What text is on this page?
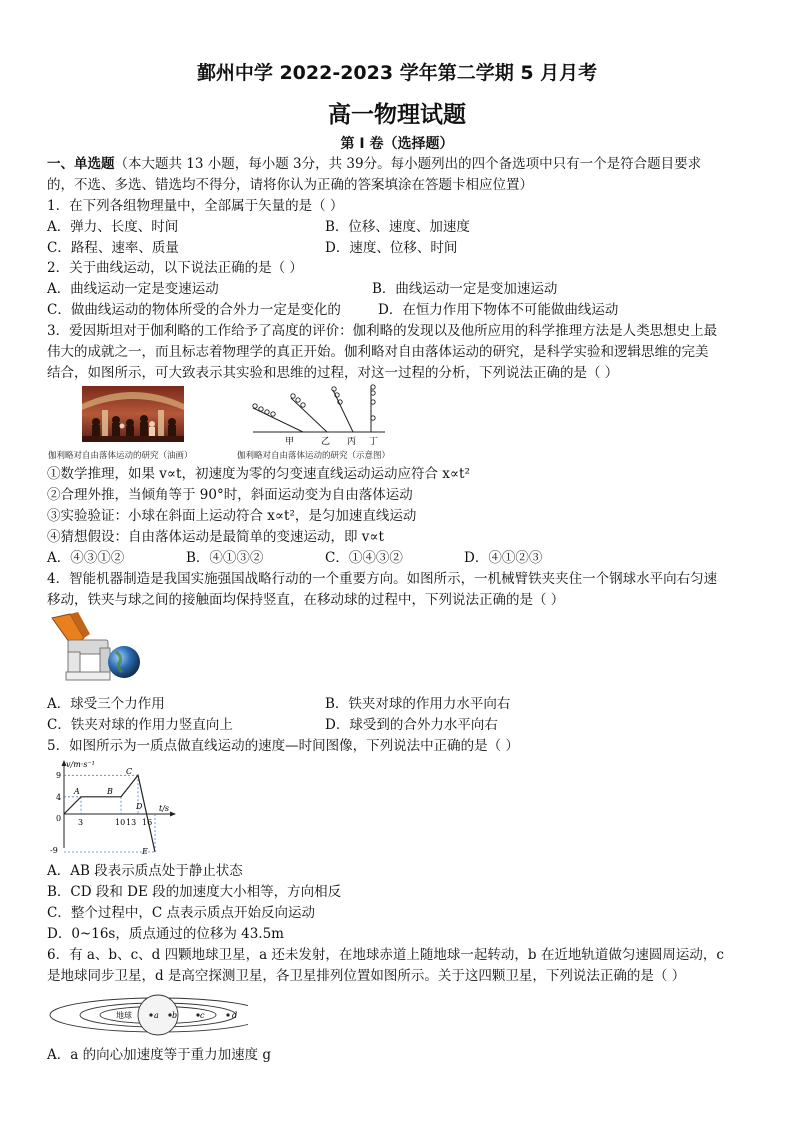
鄞州中学 2022-2023 学年第二学期 5 月月考
高一物理试题
第 I 卷（选择题）
一、单选题（本大题共 13 小题，每小题 3分，共 39分。每小题列出的四个备选项中只有一个是符合题目要求
的，不选、多选、错选均不得分，请将你认为正确的答案填涂在答题卡相应位置）
1．在下列各组物理量中，全部属于矢量的是（ ）
A．弹力、长度、时间	B．位移、速度、加速度
C．路程、速率、质量	D．速度、位移、时间
2．关于曲线运动，以下说法正确的是（ ）
A．曲线运动一定是变速运动	B．曲线运动一定是变加速运动
C．做曲线运动的物体所受的合外力一定是变化的	D．在恒力作用下物体不可能做曲线运动
3．爱因斯坦对于伽利略的工作给予了高度的评价：伽利略的发现以及他所应用的科学推理方法是人类思想史上最
伟大的成就之一，而且标志着物理学的真正开始。伽利略对自由落体运动的研究，是科学实验和逻辑思维的完美
结合，如图所示，可大致表示其实验和思维的过程，对这一过程的分析，下列说法正确的是（ ）
伽利略对自由落体运动的研究（油画）
甲	乙 丙 丁
伽利略对自由落体运动的研究（示意图）
①数学推理，如果 v∝t，初速度为零的匀变速直线运动运动应符合 x∝t²
②合理外推，当倾角等于 90°时，斜面运动变为自由落体运动
③实验验证：小球在斜面上运动符合 x∝t²，是匀加速直线运动
④猜想假设：自由落体运动是最简单的变速运动，即 v∝t
A．④③①②	B．④①③②	C．①④③②	D．④①②③
4．智能机器制造是我国实施强国战略行动的一个重要方向。如图所示，一机械臂铁夹夹住一个钢球水平向右匀速
移动，铁夹与球之间的接触面均保持竖直，在移动球的过程中，下列说法正确的是（ ）
A．球受三个力作用	B．铁夹对球的作用力水平向右
C．铁夹对球的作用力竖直向上	D．球受到的合外力水平向右
5．如图所示为一质点做直线运动的速度—时间图像，下列说法中正确的是（ ）
v/m·s⁻¹
t/s
0
9
4
-9
3	10 13 16
A	B
C
D
E
A．AB 段表示质点处于静止状态
B．CD 段和 DE 段的加速度大小相等，方向相反
C．整个过程中，C 点表示质点开始反向运动
D．0~16s，质点通过的位移为 43.5m
6．有 a、b、c、d 四颗地球卫星，a 还未发射，在地球赤道上随地球一起转动，b 在近地轨道做匀速圆周运动，c
是地球同步卫星，d 是高空探测卫星，各卫星排列位置如图所示。关于这四颗卫星，下列说法正确的是（ ）
地球	a b	c	d
A．a 的向心加速度等于重力加速度 g
